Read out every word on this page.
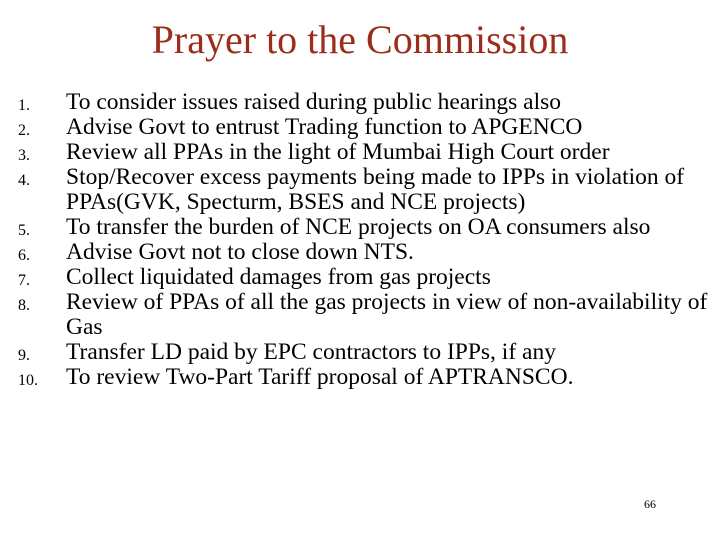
Prayer to the Commission
1. To consider issues raised during public hearings also
2. Advise Govt to entrust Trading function to APGENCO
3. Review all PPAs in the light of Mumbai High Court order
4. Stop/Recover excess payments being made to IPPs in violation of PPAs(GVK, Specturm, BSES and NCE projects)
5. To transfer the burden of NCE projects on OA consumers also
6. Advise Govt not to close down NTS.
7. Collect liquidated damages from gas projects
8. Review of PPAs of all the gas projects in view of non-availability of Gas
9. Transfer LD paid by EPC contractors to IPPs, if any
10. To review Two-Part Tariff proposal of APTRANSCO.
66
